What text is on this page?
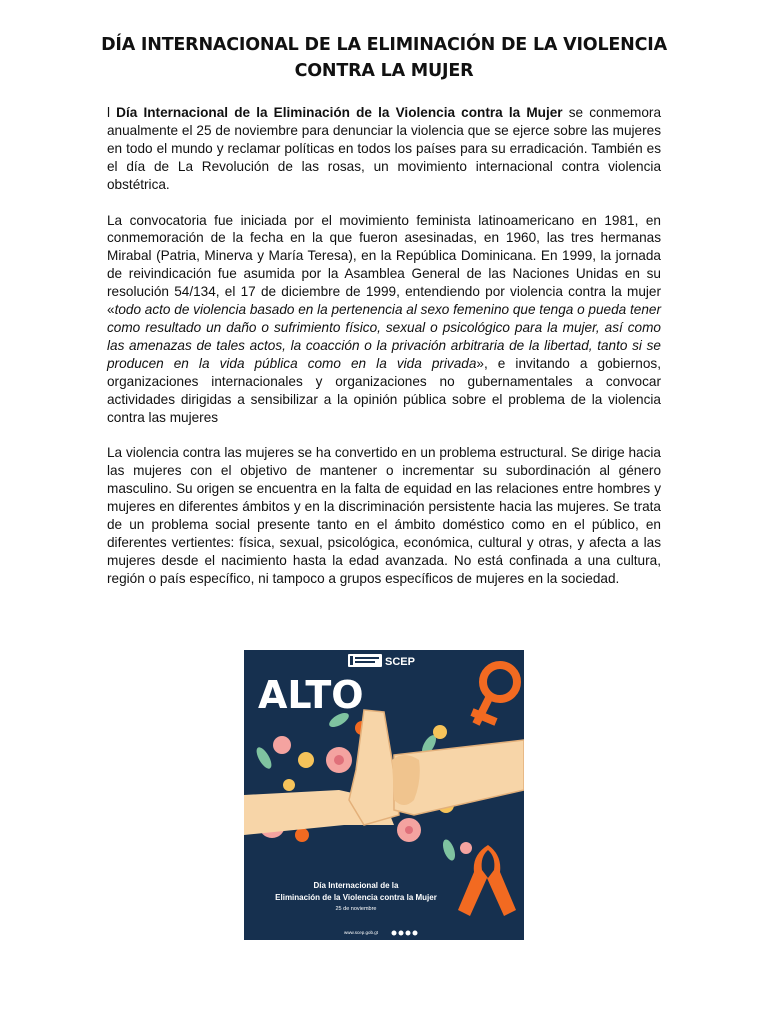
DÍA INTERNACIONAL DE LA ELIMINACIÓN DE LA VIOLENCIA CONTRA LA MUJER

l Día Internacional de la Eliminación de la Violencia contra la Mujer se conmemora anualmente el 25 de noviembre para denunciar la violencia que se ejerce sobre las mujeres en todo el mundo y reclamar políticas en todos los países para su erradicación. También es el día de La Revolución de las rosas, un movimiento internacional contra violencia obstétrica.

La convocatoria fue iniciada por el movimiento feminista latinoamericano en 1981, en conmemoración de la fecha en la que fueron asesinadas, en 1960, las tres hermanas Mirabal (Patria, Minerva y María Teresa), en la República Dominicana. En 1999, la jornada de reivindicación fue asumida por la Asamblea General de las Naciones Unidas en su resolución 54/134, el 17 de diciembre de 1999, entendiendo por violencia contra la mujer «todo acto de violencia basado en la pertenencia al sexo femenino que tenga o pueda tener como resultado un daño o sufrimiento físico, sexual o psicológico para la mujer, así como las amenazas de tales actos, la coacción o la privación arbitraria de la libertad, tanto si se producen en la vida pública como en la vida privada», e invitando a gobiernos, organizaciones internacionales y organizaciones no gubernamentales a convocar actividades dirigidas a sensibilizar a la opinión pública sobre el problema de la violencia contra las mujeres

La violencia contra las mujeres se ha convertido en un problema estructural. Se dirige hacia las mujeres con el objetivo de mantener o incrementar su subordinación al género masculino. Su origen se encuentra en la falta de equidad en las relaciones entre hombres y mujeres en diferentes ámbitos y en la discriminación persistente hacia las mujeres. Se trata de un problema social presente tanto en el ámbito doméstico como en el público, en diferentes vertientes: física, sexual, psicológica, económica, cultural y otras, y afecta a las mujeres desde el nacimiento hasta la edad avanzada. No está confinada a una cultura, región o país específico, ni tampoco a grupos específicos de mujeres en la sociedad.

SCEP
ALTO
Día Internacional de la
Eliminación de la Violencia contra la Mujer
25 de noviembre
www.scep.gob.gt
